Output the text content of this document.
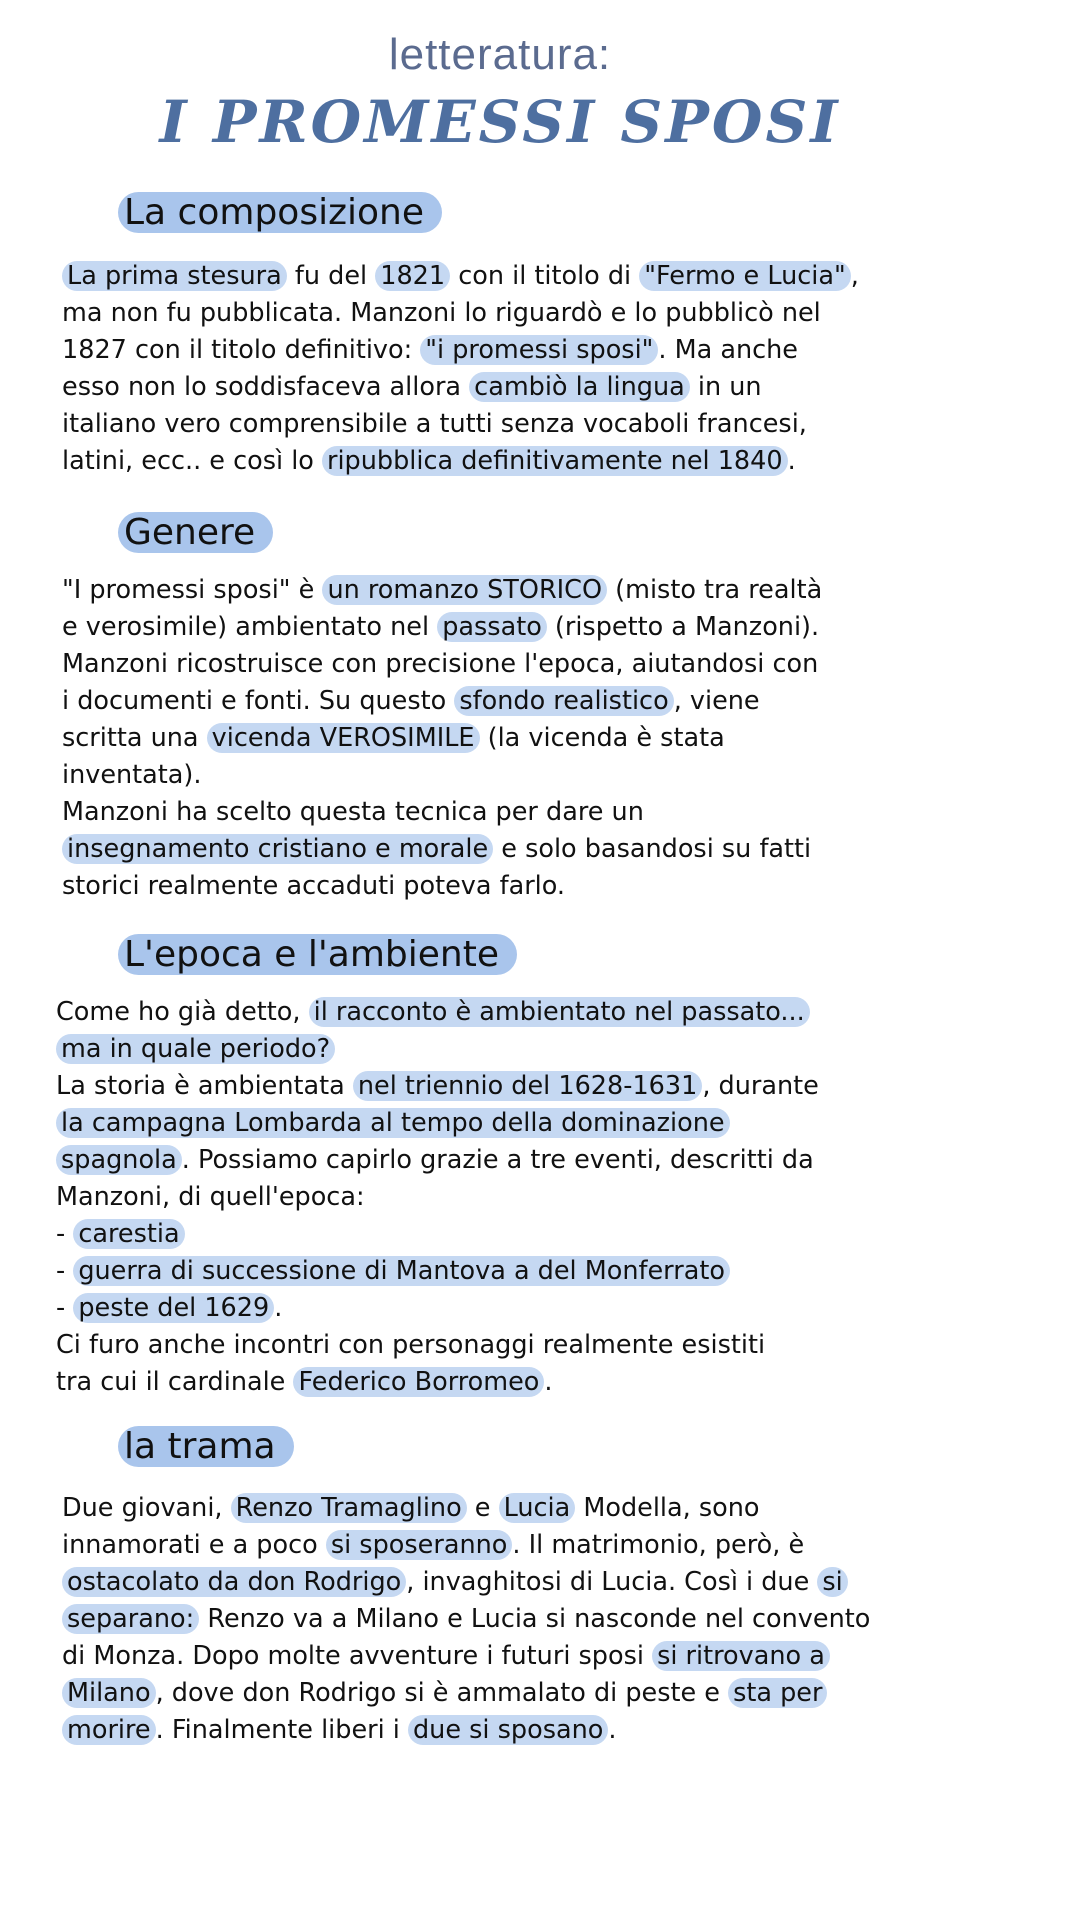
letteratura:
I PROMESSI SPOSI
La composizione
La prima stesura fu del 1821 con il titolo di "Fermo e Lucia" ,
ma non fu pubblicata. Manzoni lo riguardò e lo pubblicò nel
1827 con il titolo definitivo: "i promessi sposi" . Ma anche
esso non lo soddisfaceva allora cambiò la lingua in un
italiano vero comprensibile a tutti senza vocaboli francesi,
latini, ecc.. e così lo ripubblica definitivamente nel 1840 .
Genere
"I promessi sposi" è un romanzo STORICO (misto tra realtà
e verosimile) ambientato nel passato (rispetto a Manzoni).
Manzoni ricostruisce con precisione l'epoca, aiutandosi con
i documenti e fonti. Su questo sfondo realistico , viene
scritta una vicenda VEROSIMILE (la vicenda è stata
inventata).
Manzoni ha scelto questa tecnica per dare un
insegnamento cristiano e morale e solo basandosi su fatti
storici realmente accaduti poteva farlo.
L'epoca e l'ambiente
Come ho già detto, il racconto è ambientato nel passato...
ma in quale periodo?
La storia è ambientata nel triennio del 1628-1631 , durante
la campagna Lombarda al tempo della dominazione
spagnola . Possiamo capirlo grazie a tre eventi, descritti da
Manzoni, di quell'epoca:
- carestia
- guerra di successione di Mantova a del Monferrato
- peste del 1629 .
Ci furo anche incontri con personaggi realmente esistiti
tra cui il cardinale Federico Borromeo .
la trama
Due giovani, Renzo Tramaglino e Lucia Modella, sono
innamorati e a poco si sposeranno . Il matrimonio, però, è
ostacolato da don Rodrigo , invaghitosi di Lucia. Così i due si
separano: Renzo va a Milano e Lucia si nasconde nel convento
di Monza. Dopo molte avventure i futuri sposi si ritrovano a
Milano , dove don Rodrigo si è ammalato di peste e sta per
morire . Finalmente liberi i due si sposano .
